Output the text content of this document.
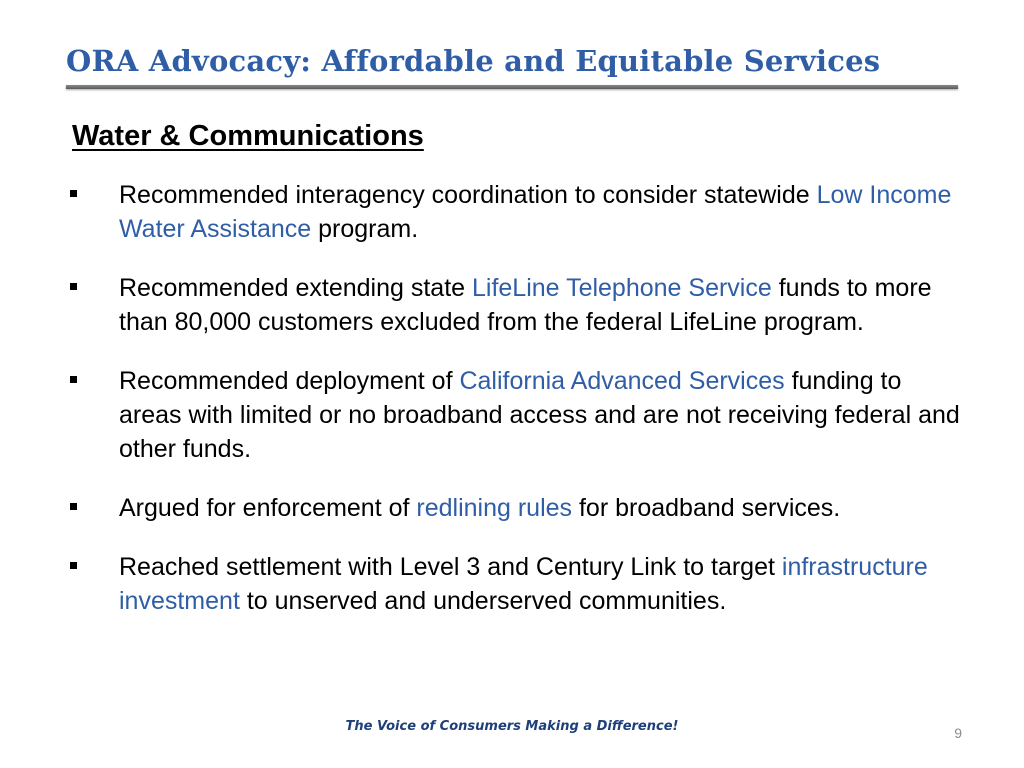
ORA Advocacy: Affordable and Equitable Services
Water & Communications
Recommended interagency coordination to consider statewide Low Income Water Assistance program.
Recommended extending state LifeLine Telephone Service funds to more than 80,000 customers excluded from the federal LifeLine program.
Recommended deployment of California Advanced Services funding to areas with limited or no broadband access and are not receiving federal and other funds.
Argued for enforcement of redlining rules for broadband services.
Reached settlement with Level 3 and Century Link to target infrastructure investment to unserved and underserved communities.
The Voice of Consumers Making a Difference!	9
